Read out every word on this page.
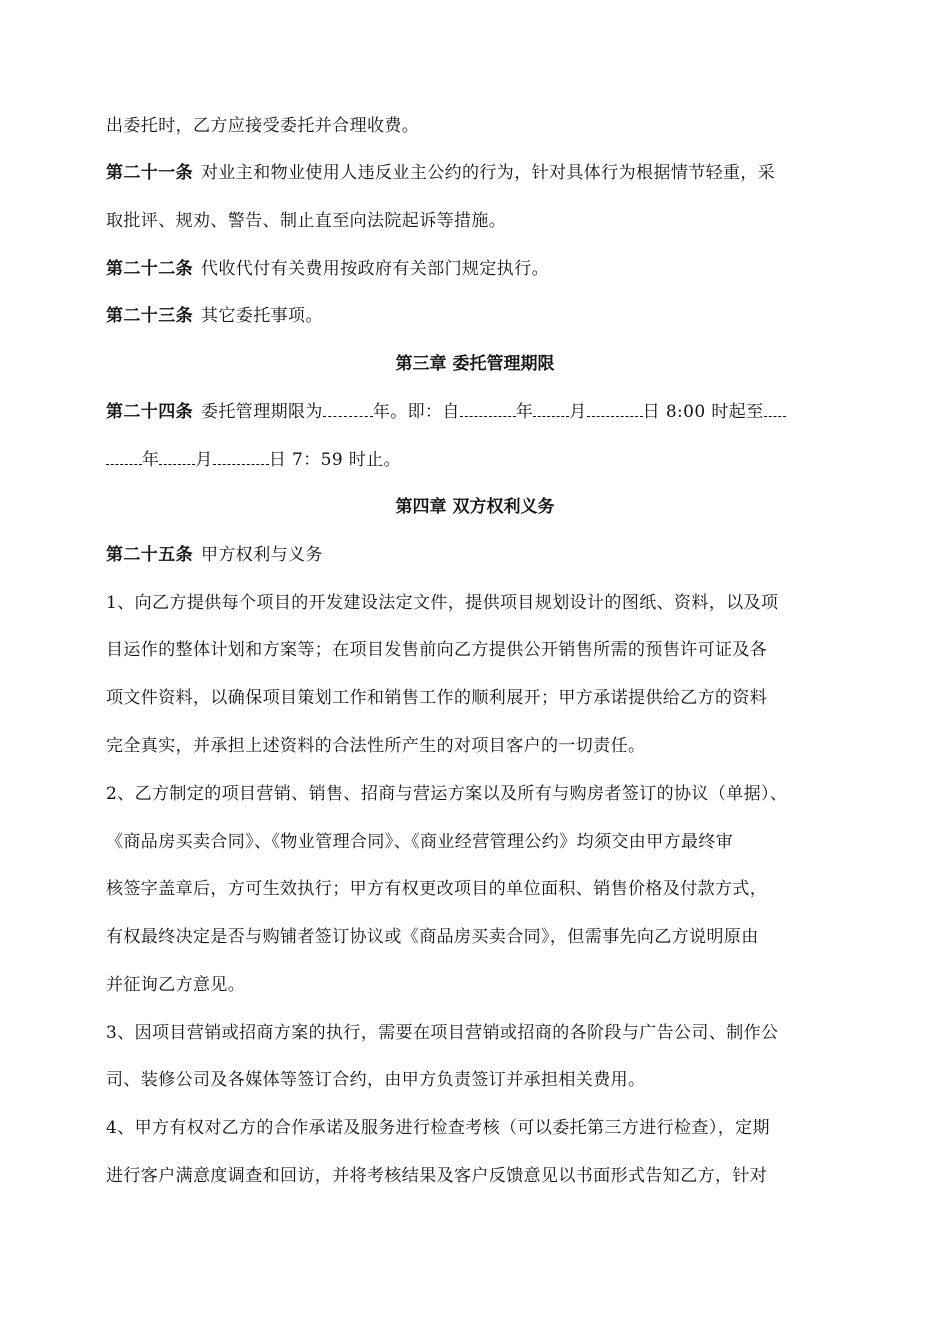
出委托时，乙方应接受委托并合理收费。
第二十一条 对业主和物业使用人违反业主公约的行为，针对具体行为根据情节轻重，采
取批评、规劝、警告、制止直至向法院起诉等措施。
第二十二条 代收代付有关费用按政府有关部门规定执行。
第二十三条 其它委托事项。
第三章 委托管理期限
第二十四条 委托管理期限为	年。即：自	年 月	日 8:00 时起至
年 月	日 7：59 时止。
第四章 双方权利义务
第二十五条 甲方权利与义务
1、向乙方提供每个项目的开发建设法定文件，提供项目规划设计的图纸、资料，以及项
目运作的整体计划和方案等；在项目发售前向乙方提供公开销售所需的预售许可证及各
项文件资料，以确保项目策划工作和销售工作的顺利展开；甲方承诺提供给乙方的资料
完全真实，并承担上述资料的合法性所产生的对项目客户的一切责任。
2、乙方制定的项目营销、销售、招商与营运方案以及所有与购房者签订的协议（单据）、
《商品房买卖合同》、《物业管理合同》、《商业经营管理公约》均须交由甲方最终审
核签字盖章后，方可生效执行；甲方有权更改项目的单位面积、销售价格及付款方式，
有权最终决定是否与购铺者签订协议或《商品房买卖合同》，但需事先向乙方说明原由
并征询乙方意见。
3、因项目营销或招商方案的执行，需要在项目营销或招商的各阶段与广告公司、制作公
司、装修公司及各媒体等签订合约，由甲方负责签订并承担相关费用。
4、甲方有权对乙方的合作承诺及服务进行检查考核（可以委托第三方进行检查），定期
进行客户满意度调查和回访，并将考核结果及客户反馈意见以书面形式告知乙方，针对
